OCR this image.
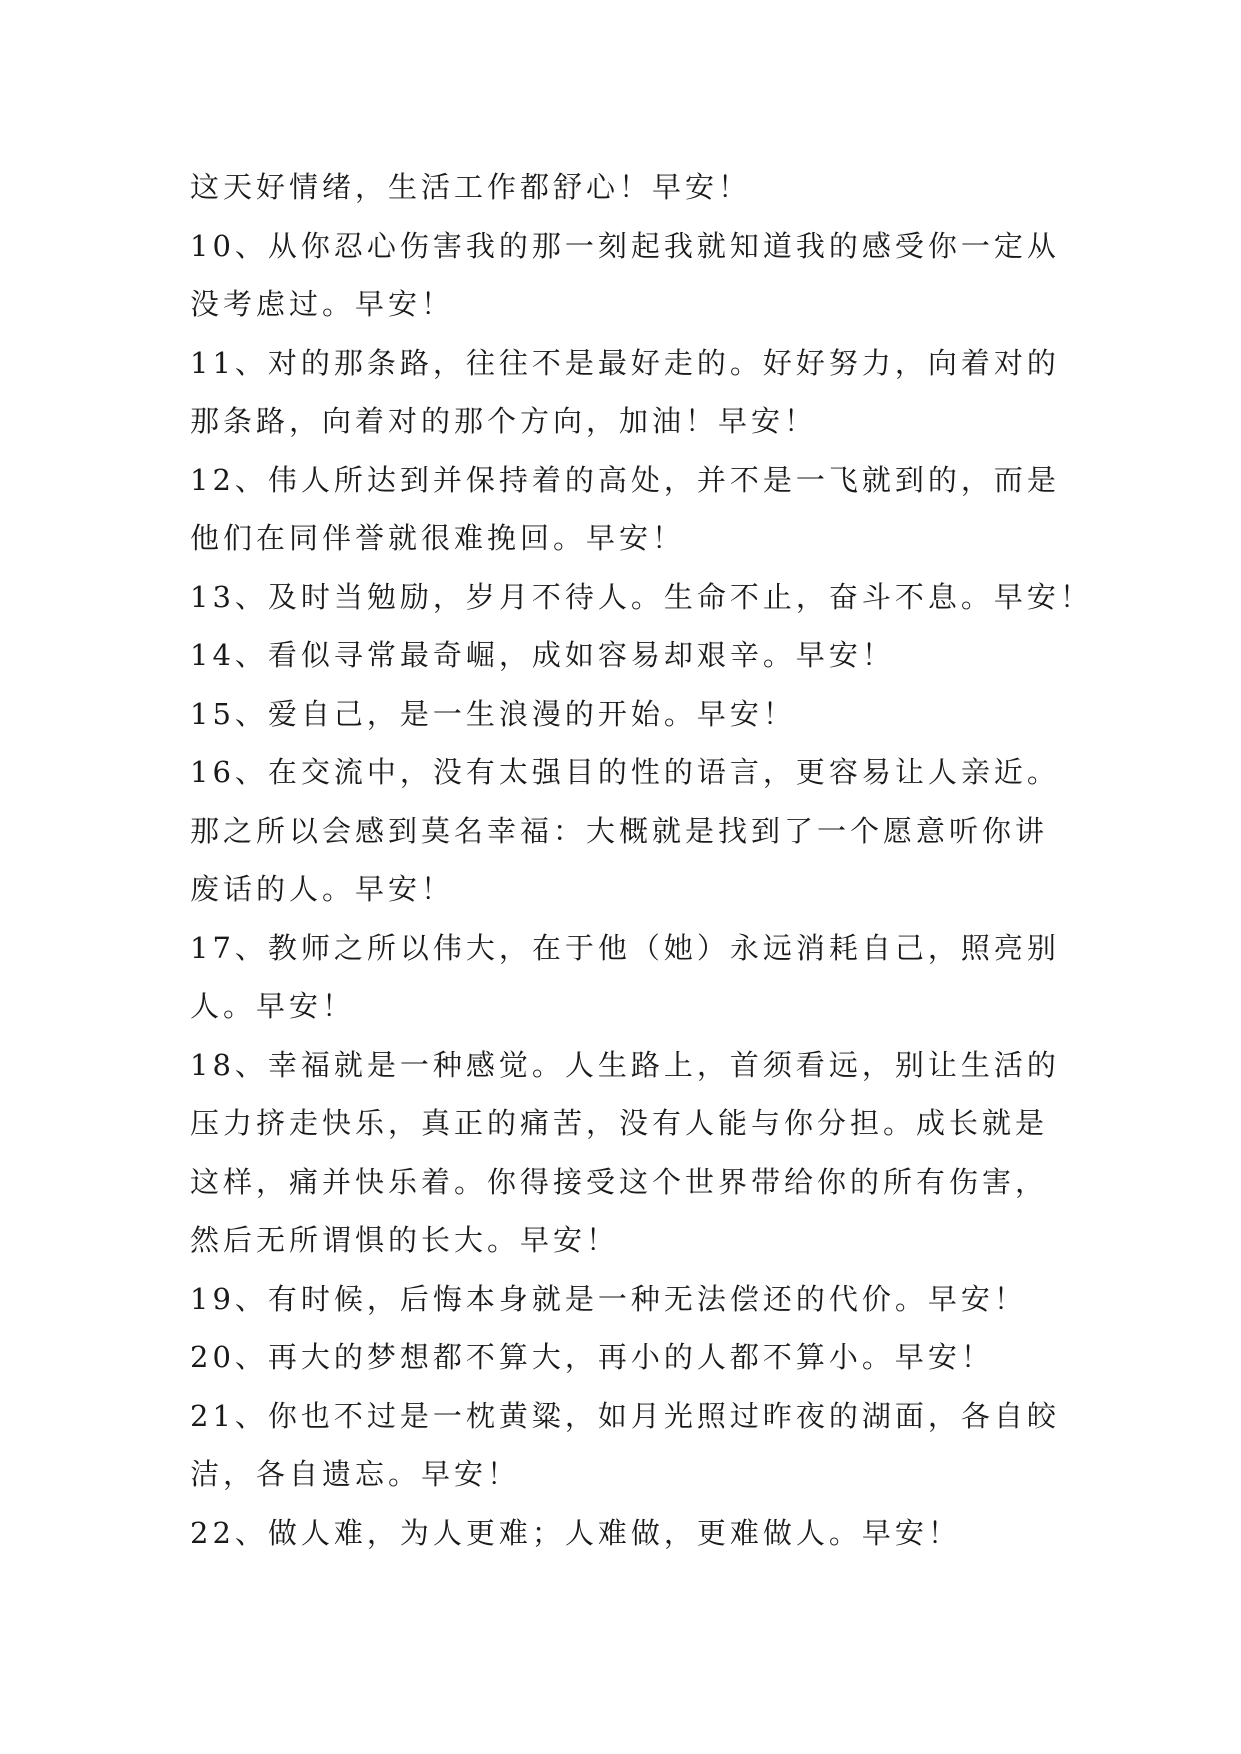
这天好情绪，生活工作都舒心！早安！

10、从你忍心伤害我的那一刻起我就知道我的感受你一定从

没考虑过。早安！

11、对的那条路，往往不是最好走的。好好努力，向着对的

那条路，向着对的那个方向，加油！早安！

12、伟人所达到并保持着的高处，并不是一飞就到的，而是

他们在同伴誉就很难挽回。早安！

13、及时当勉励，岁月不待人。生命不止，奋斗不息。早安！

14、看似寻常最奇崛，成如容易却艰辛。早安！

15、爱自己，是一生浪漫的开始。早安！

16、在交流中，没有太强目的性的语言，更容易让人亲近。

那之所以会感到莫名幸福：大概就是找到了一个愿意听你讲

废话的人。早安！

17、教师之所以伟大，在于他（她）永远消耗自己，照亮别

人。早安！

18、幸福就是一种感觉。人生路上，首须看远，别让生活的

压力挤走快乐，真正的痛苦，没有人能与你分担。成长就是

这样，痛并快乐着。你得接受这个世界带给你的所有伤害，

然后无所谓惧的长大。早安！

19、有时候，后悔本身就是一种无法偿还的代价。早安！

20、再大的梦想都不算大，再小的人都不算小。早安！

21、你也不过是一枕黄粱，如月光照过昨夜的湖面，各自皎

洁，各自遗忘。早安！

22、做人难，为人更难；人难做，更难做人。早安！
